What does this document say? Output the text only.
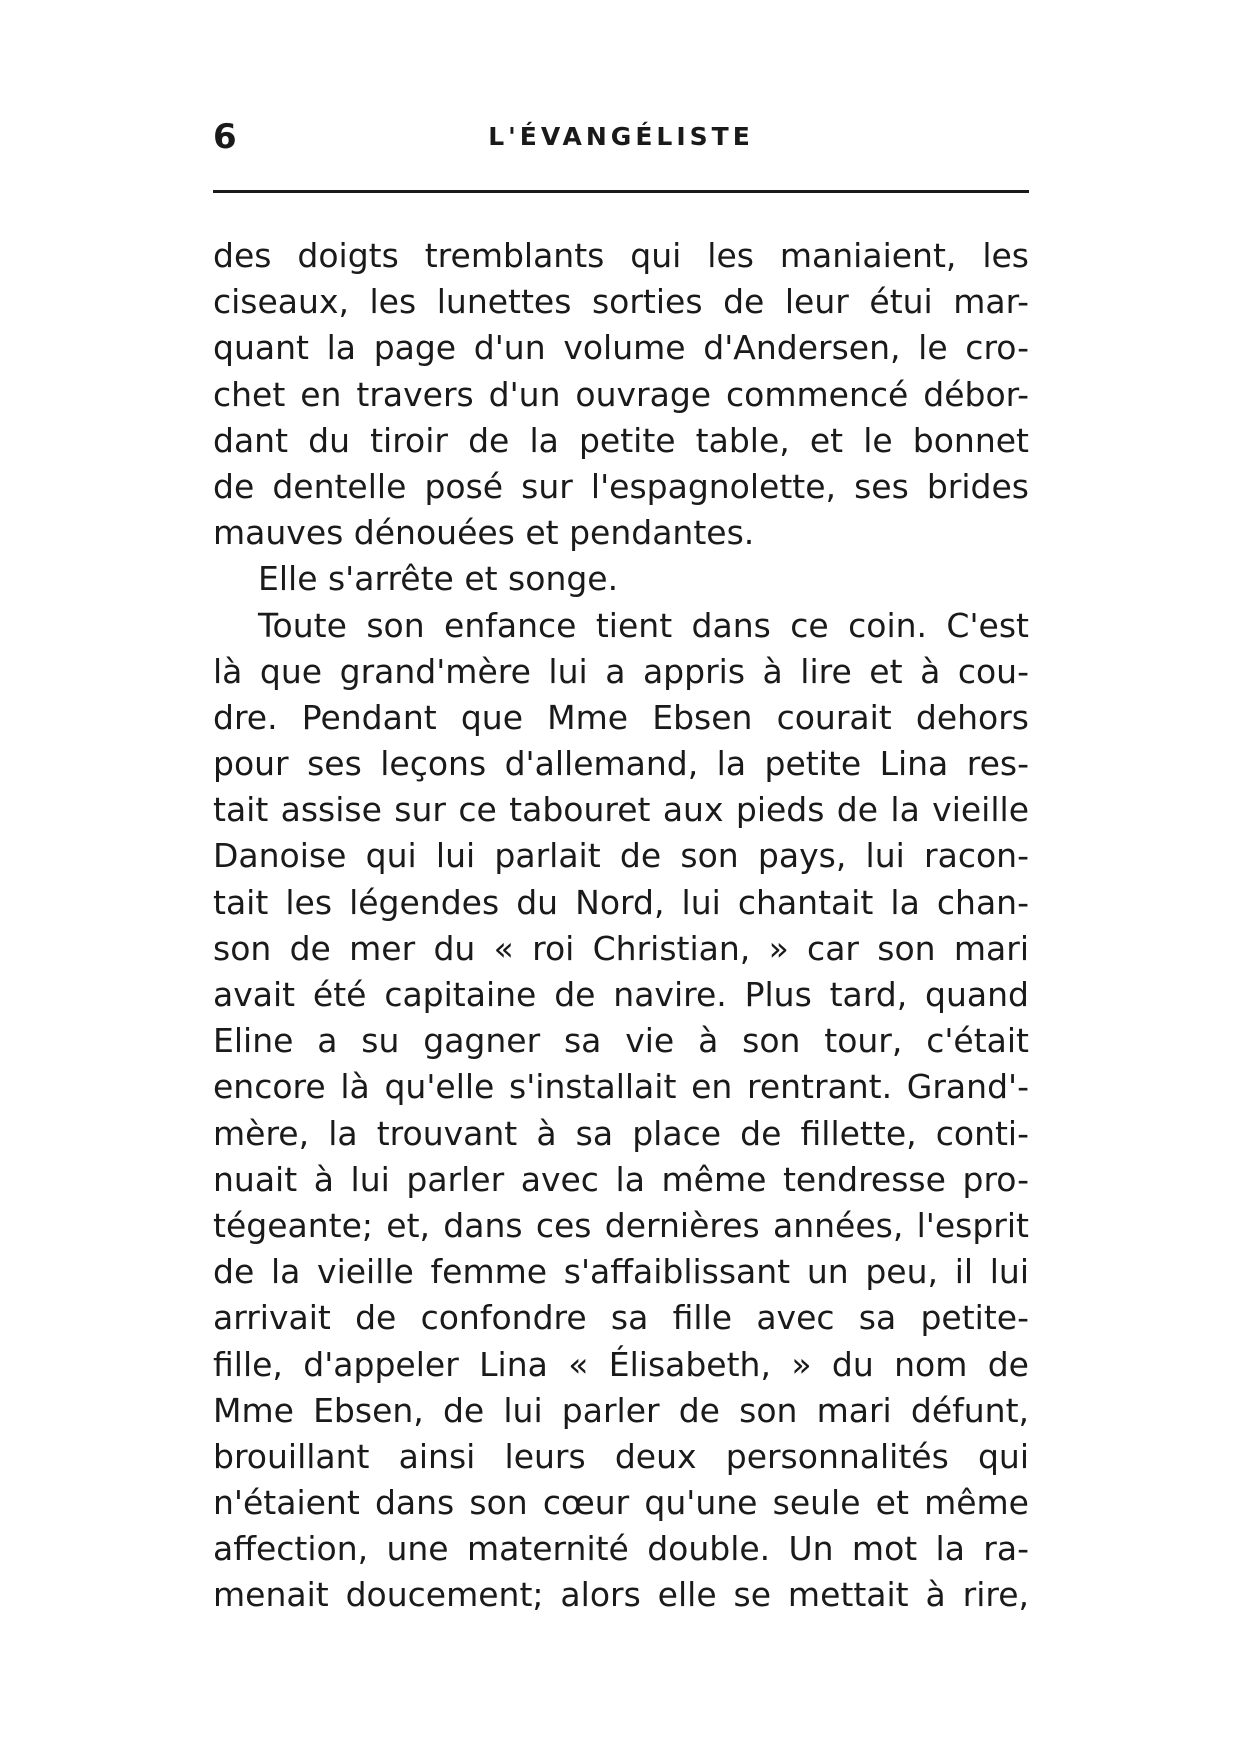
6	L'ÉVANGÉLISTE
des doigts tremblants qui les maniaient, les
ciseaux, les lunettes sorties de leur étui mar-
quant la page d'un volume d'Andersen, le cro-
chet en travers d'un ouvrage commencé débor-
dant du tiroir de la petite table, et le bonnet
de dentelle posé sur l'espagnolette, ses brides
mauves dénouées et pendantes.
Elle s'arrête et songe.
Toute son enfance tient dans ce coin. C'est
là que grand'mère lui a appris à lire et à cou-
dre. Pendant que Mme Ebsen courait dehors
pour ses leçons d'allemand, la petite Lina res-
tait assise sur ce tabouret aux pieds de la vieille
Danoise qui lui parlait de son pays, lui racon-
tait les légendes du Nord, lui chantait la chan-
son de mer du « roi Christian, » car son mari
avait été capitaine de navire. Plus tard, quand
Eline a su gagner sa vie à son tour, c'était
encore là qu'elle s'installait en rentrant. Grand'-
mère, la trouvant à sa place de fillette, conti-
nuait à lui parler avec la même tendresse pro-
tégeante; et, dans ces dernières années, l'esprit
de la vieille femme s'affaiblissant un peu, il lui
arrivait de confondre sa fille avec sa petite-
fille, d'appeler Lina « Élisabeth, » du nom de
Mme Ebsen, de lui parler de son mari défunt,
brouillant ainsi leurs deux personnalités qui
n'étaient dans son cœur qu'une seule et même
affection, une maternité double. Un mot la ra-
menait doucement; alors elle se mettait à rire,
